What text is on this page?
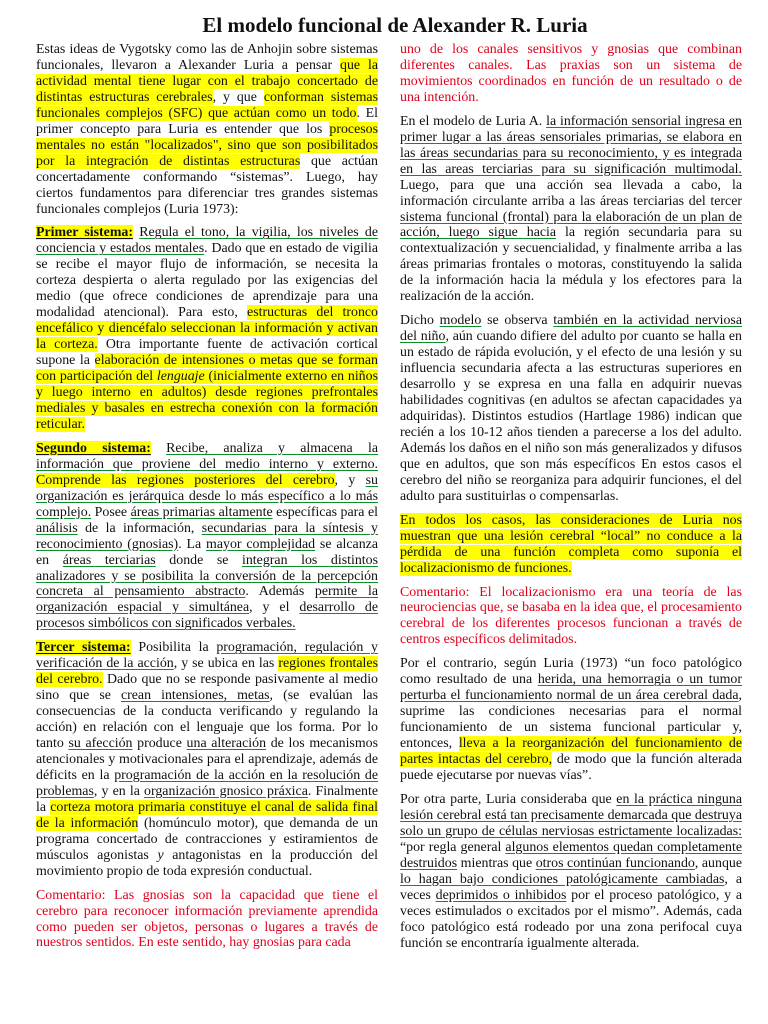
El modelo funcional de Alexander R. Luria

Estas ideas de Vygotsky como las de Anhojin sobre sistemas funcionales, llevaron a Alexander Luria a pensar que la actividad mental tiene lugar con el trabajo concertado de distintas estructuras cerebrales, y que conforman sistemas funcionales complejos (SFC) que actúan como un todo. El primer concepto para Luria es entender que los procesos mentales no están "localizados", sino que son posibilitados por la integración de distintas estructuras que actúan concertadamente conformando “sistemas”. Luego, hay ciertos fundamentos para diferenciar tres grandes sistemas funcionales complejos (Luria 1973):

Primer sistema: Regula el tono, la vigilia, los niveles de conciencia y estados mentales. Dado que en estado de vigilia se recibe el mayor flujo de información, se necesita la corteza despierta o alerta regulado por las exigencias del medio (que ofrece condiciones de aprendizaje para una modalidad atencional). Para esto, estructuras del tronco encefálico y diencéfalo seleccionan la información y activan la corteza. Otra importante fuente de activación cortical supone la elaboración de intensiones o metas que se forman con participación del lenguaje (inicialmente externo en niños y luego interno en adultos) desde regiones prefrontales mediales y basales en estrecha conexión con la formación reticular.

Segundo sistema: Recibe, analiza y almacena la información que proviene del medio interno y externo. Comprende las regiones posteriores del cerebro, y su organización es jerárquica desde lo más específico a lo más complejo. Posee áreas primarias altamente específicas para el análisis de la información, secundarias para la síntesis y reconocimiento (gnosias). La mayor complejidad se alcanza en áreas terciarias donde se integran los distintos analizadores y se posibilita la conversión de la percepción concreta al pensamiento abstracto. Además permite la organización espacial y simultánea, y el desarrollo de procesos simbólicos con significados verbales.

Tercer sistema: Posibilita la programación, regulación y verificación de la acción, y se ubica en las regiones frontales del cerebro. Dado que no se responde pasivamente al medio sino que se crean intensiones, metas, (se evalúan las consecuencias de la conducta verificando y regulando la acción) en relación con el lenguaje que los forma. Por lo tanto su afección produce una alteración de los mecanismos atencionales y motivacionales para el aprendizaje, además de déficits en la programación de la acción en la resolución de problemas, y en la organización gnosico práxica. Finalmente la corteza motora primaria constituye el canal de salida final de la información (homúnculo motor), que demanda de un programa concertado de contracciones y estiramientos de músculos agonistas y antagonistas en la producción del movimiento propio de toda expresión conductual.

Comentario: Las gnosias son la capacidad que tiene el cerebro para reconocer información previamente aprendida como pueden ser objetos, personas o lugares a través de nuestros sentidos. En este sentido, hay gnosias para cada

uno de los canales sensitivos y gnosias que combinan diferentes canales. Las praxias son un sistema de movimientos coordinados en función de un resultado o de una intención.

En el modelo de Luria A. la información sensorial ingresa en primer lugar a las áreas sensoriales primarias, se elabora en las áreas secundarias para su reconocimiento, y es integrada en las areas terciarias para su significación multimodal. Luego, para que una acción sea llevada a cabo, la información circulante arriba a las áreas terciarias del tercer sistema funcional (frontal) para la elaboración de un plan de acción, luego sigue hacia la región secundaria para su contextualización y secuencialidad, y finalmente arriba a las áreas primarias frontales o motoras, constituyendo la salida de la información hacia la médula y los efectores para la realización de la acción.

Dicho modelo se observa también en la actividad nerviosa del niño, aún cuando difiere del adulto por cuanto se halla en un estado de rápida evolución, y el efecto de una lesión y su influencia secundaria afecta a las estructuras superiores en desarrollo y se expresa en una falla en adquirir nuevas habilidades cognitivas (en adultos se afectan capacidades ya adquiridas). Distintos estudios (Hartlage 1986) indican que recién a los 10-12 años tienden a parecerse a los del adulto. Además los daños en el niño son más generalizados y difusos que en adultos, que son más específicos En estos casos el cerebro del niño se reorganiza para adquirir funciones, el del adulto para sustituirlas o compensarlas.

En todos los casos, las consideraciones de Luria nos muestran que una lesión cerebral “local” no conduce a la pérdida de una función completa como suponía el localizacionismo de funciones.

Comentario: El localizacionismo era una teoría de las neurociencias que, se basaba en la idea que, el procesamiento cerebral de los diferentes procesos funcionan a través de centros específicos delimitados.

Por el contrario, según Luria (1973) “un foco patológico como resultado de una herida, una hemorragia o un tumor perturba el funcionamiento normal de un área cerebral dada, suprime las condiciones necesarias para el normal funcionamiento de un sistema funcional particular y, entonces, lleva a la reorganización del funcionamiento de partes intactas del cerebro, de modo que la función alterada puede ejecutarse por nuevas vías”.

Por otra parte, Luria consideraba que en la práctica ninguna lesión cerebral está tan precisamente demarcada que destruya solo un grupo de células nerviosas estrictamente localizadas: “por regla general algunos elementos quedan completamente destruidos mientras que otros continúan funcionando, aunque lo hagan bajo condiciones patológicamente cambiadas, a veces deprimidos o inhibidos por el proceso patológico, y a veces estimulados o excitados por el mismo”. Además, cada foco patológico está rodeado por una zona perifocal cuya función se encontraría igualmente alterada.
